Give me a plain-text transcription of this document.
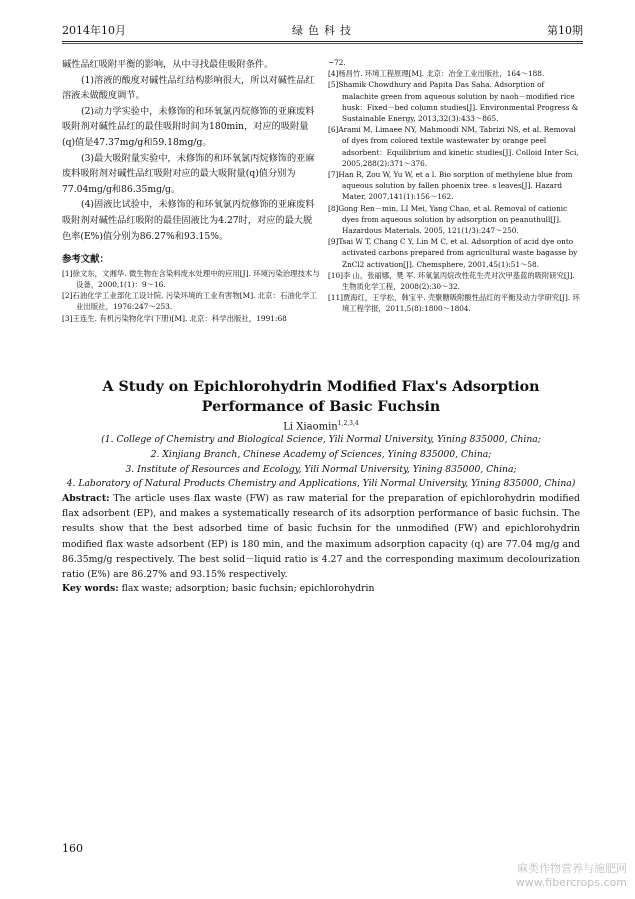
2014年10月	绿色科技	第10期

碱性品红吸附平衡的影响，从中寻找最佳吸附条件。

(1)溶液的酸度对碱性品红结构影响很大，所以对碱性品红溶液未做酸度调节。

(2)动力学实验中，未修饰的和环氧氯丙烷修饰的亚麻废料吸附剂对碱性品红的最佳吸附时间为180min，对应的吸附量(q)值是47.37mg/g和59.18mg/g。

(3)最大吸附量实验中，未修饰的和环氧氯丙烷修饰的亚麻废料吸附剂对碱性品红吸附对应的最大吸附量(q)值分别为77.04mg/g和86.35mg/g。

(4)固液比试验中，未修饰的和环氧氯丙烷修饰的亚麻废料吸附剂对碱性品红吸附的最佳固液比为4.27时，对应的最大脱色率(E%)值分别为86.27%和93.15%。

参考文献：

[1]徐文东，文湘华. 微生物在含染料废水处理中的应用[J]. 环境污染治理技术与设备，2000,1(1)：9～16.

[2]石油化学工业部化工设计院. 污染环境的工业有害物[M]. 北京：石油化学工业出版社，1976:247～253.

[3]王连生. 有机污染物化学(下册)[M]. 北京：科学出版社，1991:68

~72.

[4]杨昌竹. 环境工程原理[M]. 北京：冶金工业出版社，164～188.

[5]Shamik Chowdhury and Papita Das Saha. Adsorption of malachite green from aqueous solution by naoh－modified rice husk：Fixed－bed column studies[J]. Environmental Progress & Sustainable Energy, 2013,32(3):433～865.

[6]Arami M, Limaee NY, Mahmoodi NM, Tabrizi NS, et al. Removal of dyes from colored textile wastewater by orange peel adsorbent：Equilibrium and kinetic studies[J]. Colloid Inter Sci, 2005,288(2):371～376.

[7]Han R, Zou W, Yu W, et a l. Bio sorption of methylene blue from aqueous solution by fallen phoenix tree. s leaves[J]. Hazard Mater, 2007,141(1):156～162.

[8]Gong Ren－min, LI Mei, Yang Chao, et al. Removal of cationic dyes from aqueous solution by adsorption on peanuthull[J]. Hazardous Materials, 2005, 121(1/3):247～250.

[9]Tsai W T, Chang C Y, Lin M C, et al. Adsorption of acid dye onto activated carbons prepared from agricultural waste bagasse by ZnCl2 activation[J]. Chemsphere, 2001,45(1):51～58.

[10]李 山，张丽娜，樊 军. 环氧氯丙烷改性花生壳对次甲基蓝的吸附研究[J]. 生物质化学工程，2008(2):30～32.

[11]贾海红，王学松，韩宝平. 壳聚糖吸附酸性品红的平衡及动力学研究[J]. 环境工程学报，2011,5(8):1800～1804.

A Study on Epichlorohydrin Modified Flax's Adsorption
Performance of Basic Fuchsin
Li Xiaomin$^{1,2,3,4}$
(1. College of Chemistry and Biological Science, Yili Normal University, Yining 835000, China;
2. Xinjiang Branch, Chinese Academy of Sciences, Yining 835000, China;
3. Institute of Resources and Ecology, Yili Normal University, Yining 835000, China;
4. Laboratory of Natural Products Chemistry and Applications, Yili Normal University, Yining 835000, China)
Abstract: The article uses flax waste (FW) as raw material for the preparation of epichlorohydrin modified flax adsorbent (EP), and makes a systematically research of its adsorption performance of basic fuchsin. The results show that the best adsorbed time of basic fuchsin for the unmodified (FW) and epichlorohydrin modified flax waste adsorbent (EP) is 180 min, and the maximum adsorption capacity (q) are 77.04 mg/g and 86.35mg/g respectively. The best solid－liquid ratio is 4.27 and the corresponding maximum decolourization ratio (E%) are 86.27% and 93.15% respectively.
Key words: flax waste; adsorption; basic fuchsin; epichlorohydrin
160
麻类作物营养与施肥网
www.fibercrops.com
